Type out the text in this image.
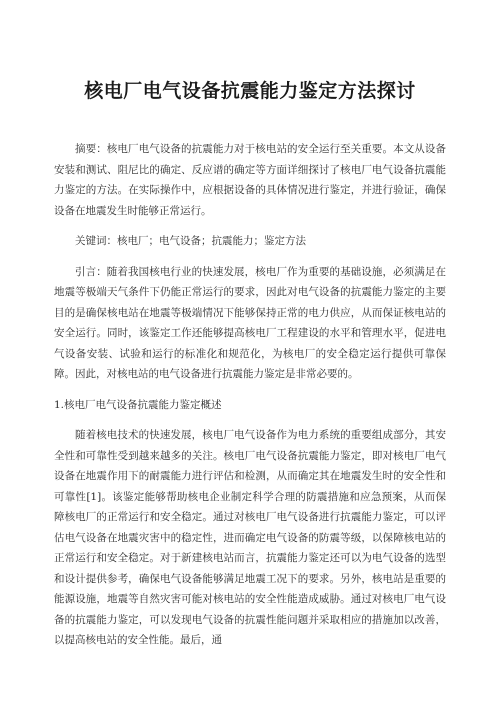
核电厂电气设备抗震能力鉴定方法探讨

摘要：核电厂电气设备的抗震能力对于核电站的安全运行至关重要。本文从设备安装和测试、阻尼比的确定、反应谱的确定等方面详细探讨了核电厂电气设备抗震能力鉴定的方法。在实际操作中，应根据设备的具体情况进行鉴定，并进行验证，确保设备在地震发生时能够正常运行。

关键词：核电厂；电气设备；抗震能力；鉴定方法

引言：随着我国核电行业的快速发展，核电厂作为重要的基础设施，必须满足在地震等极端天气条件下仍能正常运行的要求，因此对电气设备的抗震能力鉴定的主要目的是确保核电站在地震等极端情况下能够保持正常的电力供应，从而保证核电站的安全运行。同时，该鉴定工作还能够提高核电厂工程建设的水平和管理水平，促进电气设备安装、试验和运行的标准化和规范化，为核电厂的安全稳定运行提供可靠保障。因此，对核电站的电气设备进行抗震能力鉴定是非常必要的。

1.核电厂电气设备抗震能力鉴定概述

随着核电技术的快速发展，核电厂电气设备作为电力系统的重要组成部分，其安全性和可靠性受到越来越多的关注。核电厂电气设备抗震能力鉴定，即对核电厂电气设备在地震作用下的耐震能力进行评估和检测，从而确定其在地震发生时的安全性和可靠性[1]。该鉴定能够帮助核电企业制定科学合理的防震措施和应急预案，从而保障核电厂的正常运行和安全稳定。通过对核电厂电气设备进行抗震能力鉴定，可以评估电气设备在地震灾害中的稳定性，进而确定电气设备的防震等级，以保障核电站的正常运行和安全稳定。对于新建核电站而言，抗震能力鉴定还可以为电气设备的选型和设计提供参考，确保电气设备能够满足地震工况下的要求。另外，核电站是重要的能源设施，地震等自然灾害可能对核电站的安全性能造成威胁。通过对核电厂电气设备的抗震能力鉴定，可以发现电气设备的抗震性能问题并采取相应的措施加以改善，以提高核电站的安全性能。最后，通
